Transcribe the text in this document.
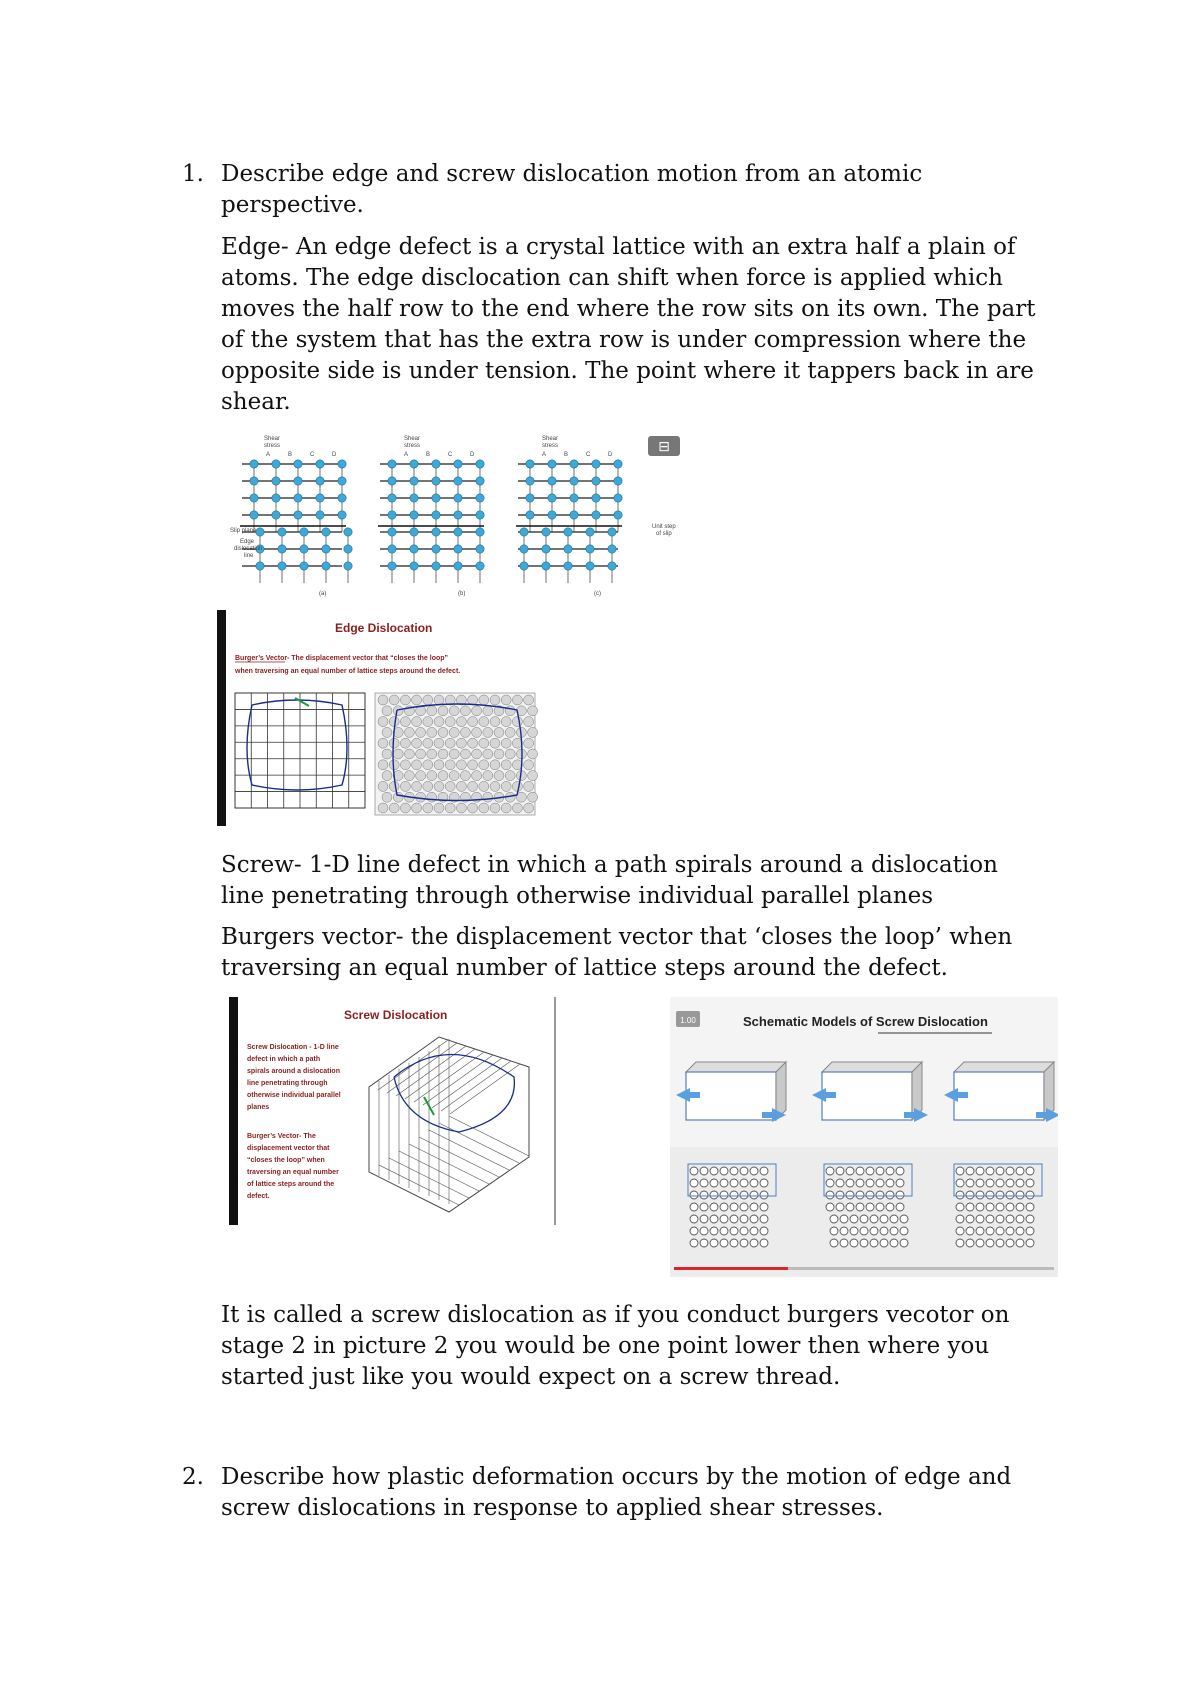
1. Describe edge and screw dislocation motion from an atomic
perspective.
Edge- An edge defect is a crystal lattice with an extra half a plain of
atoms. The edge disclocation can shift when force is applied which
moves the half row to the end where the row sits on its own. The part
of the system that has the extra row is under compression where the
opposite side is under tension. The point where it tappers back in are
shear.
Shear
stress
A	B	C	D
Slip plane
Edge
dislocation
line
(a)
Shear
stress
A	B	C	D
(b)
Shear
stress
A	B	C	D
Unit step
of slip
(c)
⊟
Edge Dislocation
Burger’s Vector - The displacement vector that “closes the loop”
when traversing an equal number of lattice steps around the defect.
Screw- 1-D line defect in which a path spirals around a dislocation
line penetrating through otherwise individual parallel planes
Burgers vector- the displacement vector that ‘closes the loop’ when
traversing an equal number of lattice steps around the defect.
Screw Dislocation
Screw Dislocation - 1-D line
defect in which a path
spirals around a dislocation
line penetrating through
otherwise individual parallel
planes
Burger’s Vector- The
displacement vector that
“closes the loop” when
traversing an equal number
of lattice steps around the
defect.
1.00	Schematic Models of Screw Dislocation
It is called a screw dislocation as if you conduct burgers vecotor on
stage 2 in picture 2 you would be one point lower then where you
started just like you would expect on a screw thread.
2. Describe how plastic deformation occurs by the motion of edge and
screw dislocations in response to applied shear stresses.
